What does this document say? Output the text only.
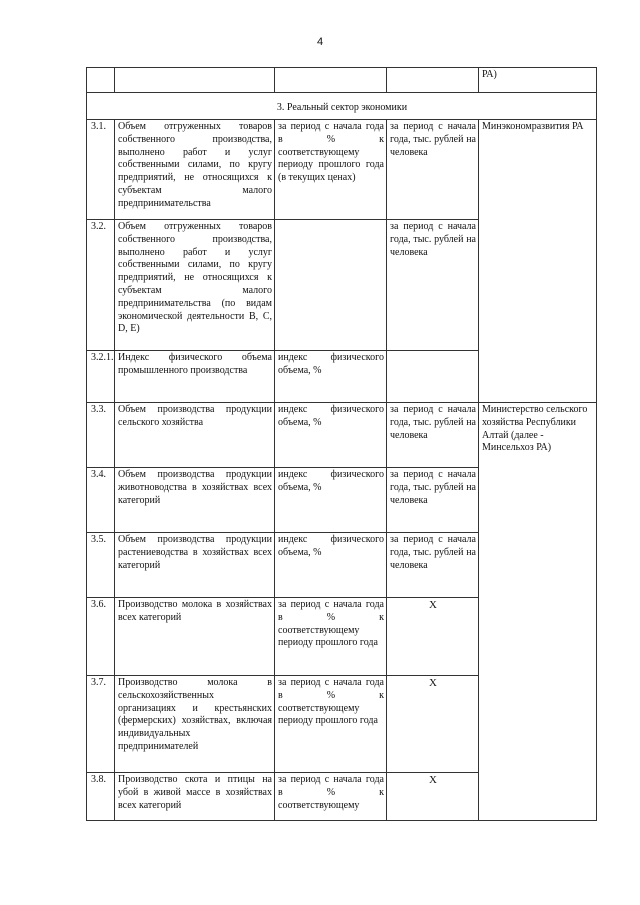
4
				РА)
3. Реальный сектор экономики				
3.1.	Объем отгруженных товаров собственного производства, выполнено работ и услуг собственными силами, по кругу предприятий, не относящихся к субъектам малого предпринимательства	за период с начала года в % к соответствующему периоду прошлого года (в текущих ценах)	за период с начала года, тыс. рублей на человека	Минэкономразвития РА
3.2.	Объем отгруженных товаров собственного производства, выполнено работ и услуг собственными силами, по кругу предприятий, не относящихся к субъектам малого предпринимательства (по видам экономической деятельности B, C, D, E)		за период с начала года, тыс. рублей на человека	
3.2.1.	Индекс физического объема промышленного производства	индекс физического объема, %		
3.3.	Объем производства продукции сельского хозяйства	индекс физического объема, %	за период с начала года, тыс. рублей на человека	Министерство сельского хозяйства Республики Алтай (далее - Минсельхоз РА)
3.4.	Объем производства продукции животноводства в хозяйствах всех категорий	индекс физического объема, %	за период с начала года, тыс. рублей на человека	
3.5.	Объем производства продукции растениеводства в хозяйствах всех категорий	индекс физического объема, %	за период с начала года, тыс. рублей на человека	
3.6.	Производство молока в хозяйствах всех категорий	за период с начала года в % к соответствующему периоду прошлого года	Х	

3.7.	Производство молока в сельскохозяйственных организациях и крестьянских (фермерских) хозяйствах, включая индивидуальных предпринимателей	за период с начала года в % к соответствующему периоду прошлого года	Х	

3.8.	Производство скота и птицы на убой в живой массе в хозяйствах всех категорий	за период с начала года в % к соответствующему	Х	
